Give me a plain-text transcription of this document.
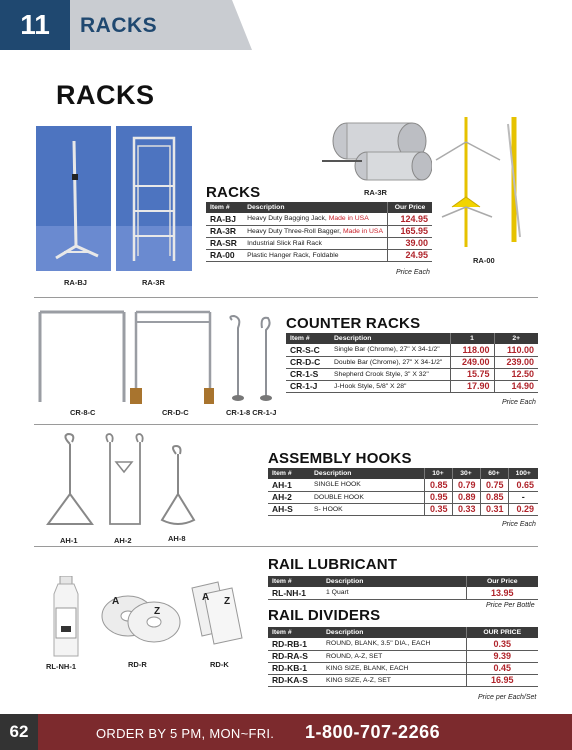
11	RACKS
RACKS
RA-BJ	RA-3R
RA-3R
RA-00
RACKS
Item #	Description	Our Price
RA-BJ	Heavy Duty Bagging Jack, Made in USA	124.95
RA-3R	Heavy Duty Three-Roll Bagger, Made in USA	165.95
RA-SR	Industrial Slick Rail Rack	39.00
RA-00	Plastic Hanger Rack, Foldable	24.95
Price Each
CR-8-C	CR-D-C	CR-1-8 CR-1-J
COUNTER RACKS
Item #	Description	1	2+
CR-S-C	Single Bar (Chrome), 27" X 34-1/2"	118.00	110.00
CR-D-C	Double Bar (Chrome), 27" X 34-1/2"	249.00	239.00
CR-1-S	Shepherd Crook Style, 3" X 32"	15.75	12.50
CR-1-J	J-Hook Style, 5/8" X 28"	17.90	14.90
Price Each
AH-1	AH-2	AH-8
ASSEMBLY HOOKS
Item #	Description	10+	30+	60+	100+
AH-1	SINGLE HOOK	0.85	0.79	0.75	0.65
AH-2	DOUBLE HOOK	0.95	0.89	0.85	-
AH-S	S- HOOK	0.35	0.33	0.31	0.29
Price Each
A
Z
A Z
RL-NH-1	RD-R	RD-K
RAIL LUBRICANT
Item #	Description	Our Price
RL-NH-1	1 Quart	13.95
Price Per Bottle
RAIL DIVIDERS
Item #	Description	OUR PRICE
RD-RB-1	ROUND, BLANK, 3.5" DIA., EACH	0.35
RD-RA-S	ROUND, A-Z, SET	9.39
RD-KB-1	KING SIZE, BLANK, EACH	0.45
RD-KA-S	KING SIZE, A-Z, SET	16.95
Price per Each/Set
62	ORDER BY 5 PM, MON~FRI. 1-800-707-2266
